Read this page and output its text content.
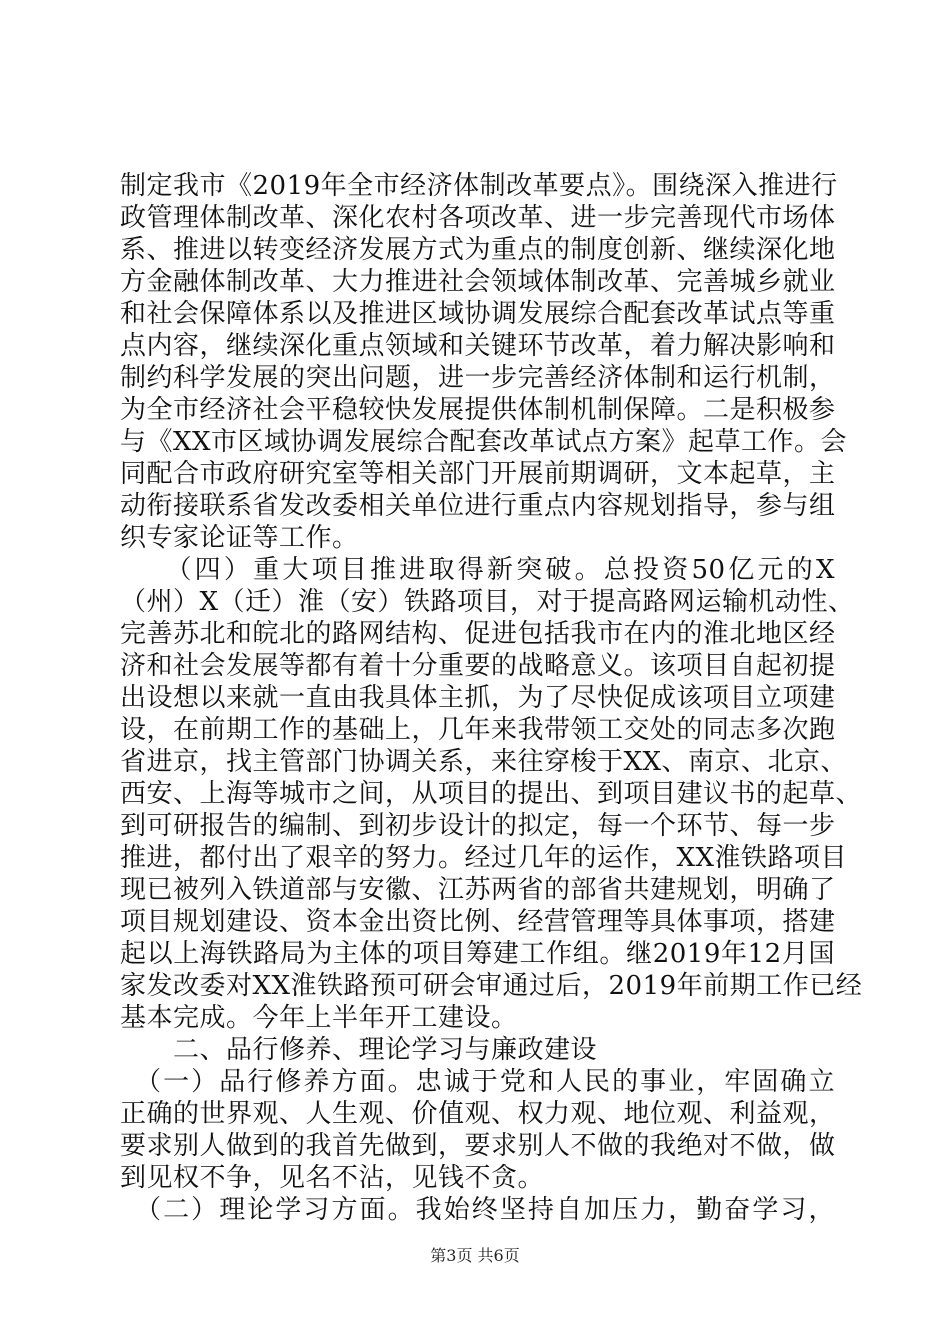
制定我市《2019年全市经济体制改革要点》。围绕深入推进行
政管理体制改革、深化农村各项改革、进一步完善现代市场体
系、推进以转变经济发展方式为重点的制度创新、继续深化地
方金融体制改革、大力推进社会领域体制改革、完善城乡就业
和社会保障体系以及推进区域协调发展综合配套改革试点等重
点内容，继续深化重点领域和关键环节改革，着力解决影响和
制约科学发展的突出问题，进一步完善经济体制和运行机制，
为全市经济社会平稳较快发展提供体制机制保障。二是积极参
与《XX市区域协调发展综合配套改革试点方案》起草工作。会
同配合市政府研究室等相关部门开展前期调研，文本起草，主
动衔接联系省发改委相关单位进行重点内容规划指导，参与组
织专家论证等工作。
　　（四）重大项目推进取得新突破。总投资50亿元的X
（州）X（迁）淮（安）铁路项目，对于提高路网运输机动性、
完善苏北和皖北的路网结构、促进包括我市在内的淮北地区经
济和社会发展等都有着十分重要的战略意义。该项目自起初提
出设想以来就一直由我具体主抓，为了尽快促成该项目立项建
设，在前期工作的基础上，几年来我带领工交处的同志多次跑
省进京，找主管部门协调关系，来往穿梭于XX、南京、北京、
西安、上海等城市之间，从项目的提出、到项目建议书的起草、
到可研报告的编制、到初步设计的拟定，每一个环节、每一步
推进，都付出了艰辛的努力。经过几年的运作，XX淮铁路项目
现已被列入铁道部与安徽、江苏两省的部省共建规划，明确了
项目规划建设、资本金出资比例、经营管理等具体事项，搭建
起以上海铁路局为主体的项目筹建工作组。继2019年12月国
家发改委对XX淮铁路预可研会审通过后，2019年前期工作已经
基本完成。今年上半年开工建设。
　　二、品行修养、理论学习与廉政建设
　（一）品行修养方面。忠诚于党和人民的事业，牢固确立
正确的世界观、人生观、价值观、权力观、地位观、利益观，
要求别人做到的我首先做到，要求别人不做的我绝对不做，做
到见权不争，见名不沾，见钱不贪。
　（二）理论学习方面。我始终坚持自加压力，勤奋学习，
第3页 共6页
